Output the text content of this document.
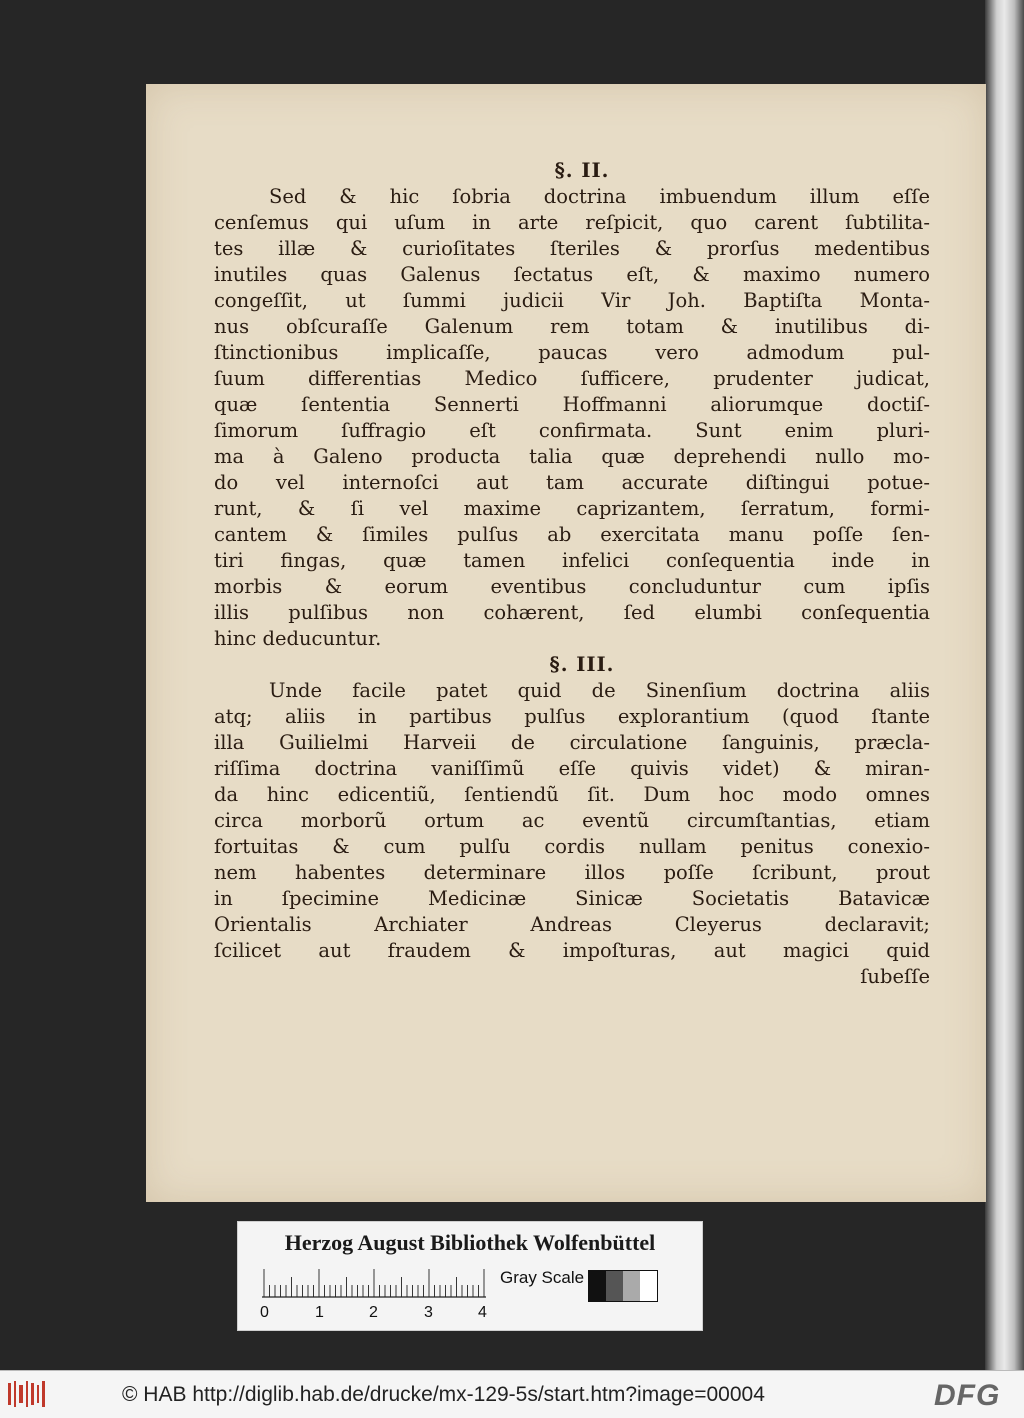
§. II.
Sed & hic ſobria doctrina imbuendum illum eſſe
cenſemus qui uſum in arte reſpicit, quo carent ſubtilita-
tes illæ & curioſitates ſteriles & prorſus medentibus
inutiles quas Galenus ſectatus eſt, & maximo numero
congeſſit, ut ſummi judicii Vir Joh. Baptiſta Monta-
nus obſcuraſſe Galenum rem totam & inutilibus di-
ſtinctionibus implicaſſe, paucas vero admodum pul-
ſuum differentias Medico ſufficere, prudenter judicat,
quæ ſententia Sennerti Hoffmanni aliorumque doctiſ-
ſimorum ſuffragio eſt confirmata. Sunt enim pluri-
ma à Galeno producta talia quæ deprehendi nullo mo-
do vel internoſci aut tam accurate diſtingui potue-
runt, & ſi vel maxime caprizantem, ſerratum, formi-
cantem & ſimiles pulſus ab exercitata manu poſſe ſen-
tiri fingas, quæ tamen infelici conſequentia inde in
morbis & eorum eventibus concluduntur cum ipſis
illis pulſibus non cohærent, ſed elumbi conſequentia
hinc deducuntur.
§. III.
Unde facile patet quid de Sinenſium doctrina aliis
atq; aliis in partibus pulſus explorantium (quod ſtante
illa Guilielmi Harveii de circulatione ſanguinis, præcla-
riſſima doctrina vaniſſimũ eſſe quivis videt) & miran-
da hinc edicentiũ, ſentiendũ ſit. Dum hoc modo omnes
circa morborũ ortum ac eventũ circumſtantias, etiam
fortuitas & cum pulſu cordis nullam penitus conexio-
nem habentes determinare illos poſſe ſcribunt, prout
in ſpecimine Medicinæ Sinicæ Societatis Batavicæ
Orientalis Archiater Andreas Cleyerus declaravit;
ſcilicet aut fraudem & impoſturas, aut magici quid
ſubeſſe
Herzog August Bibliothek Wolfenbüttel
0	1	2	3	4
Gray Scale
© HAB http://diglib.hab.de/drucke/mx-129-5s/start.htm?image=00004	DFG
